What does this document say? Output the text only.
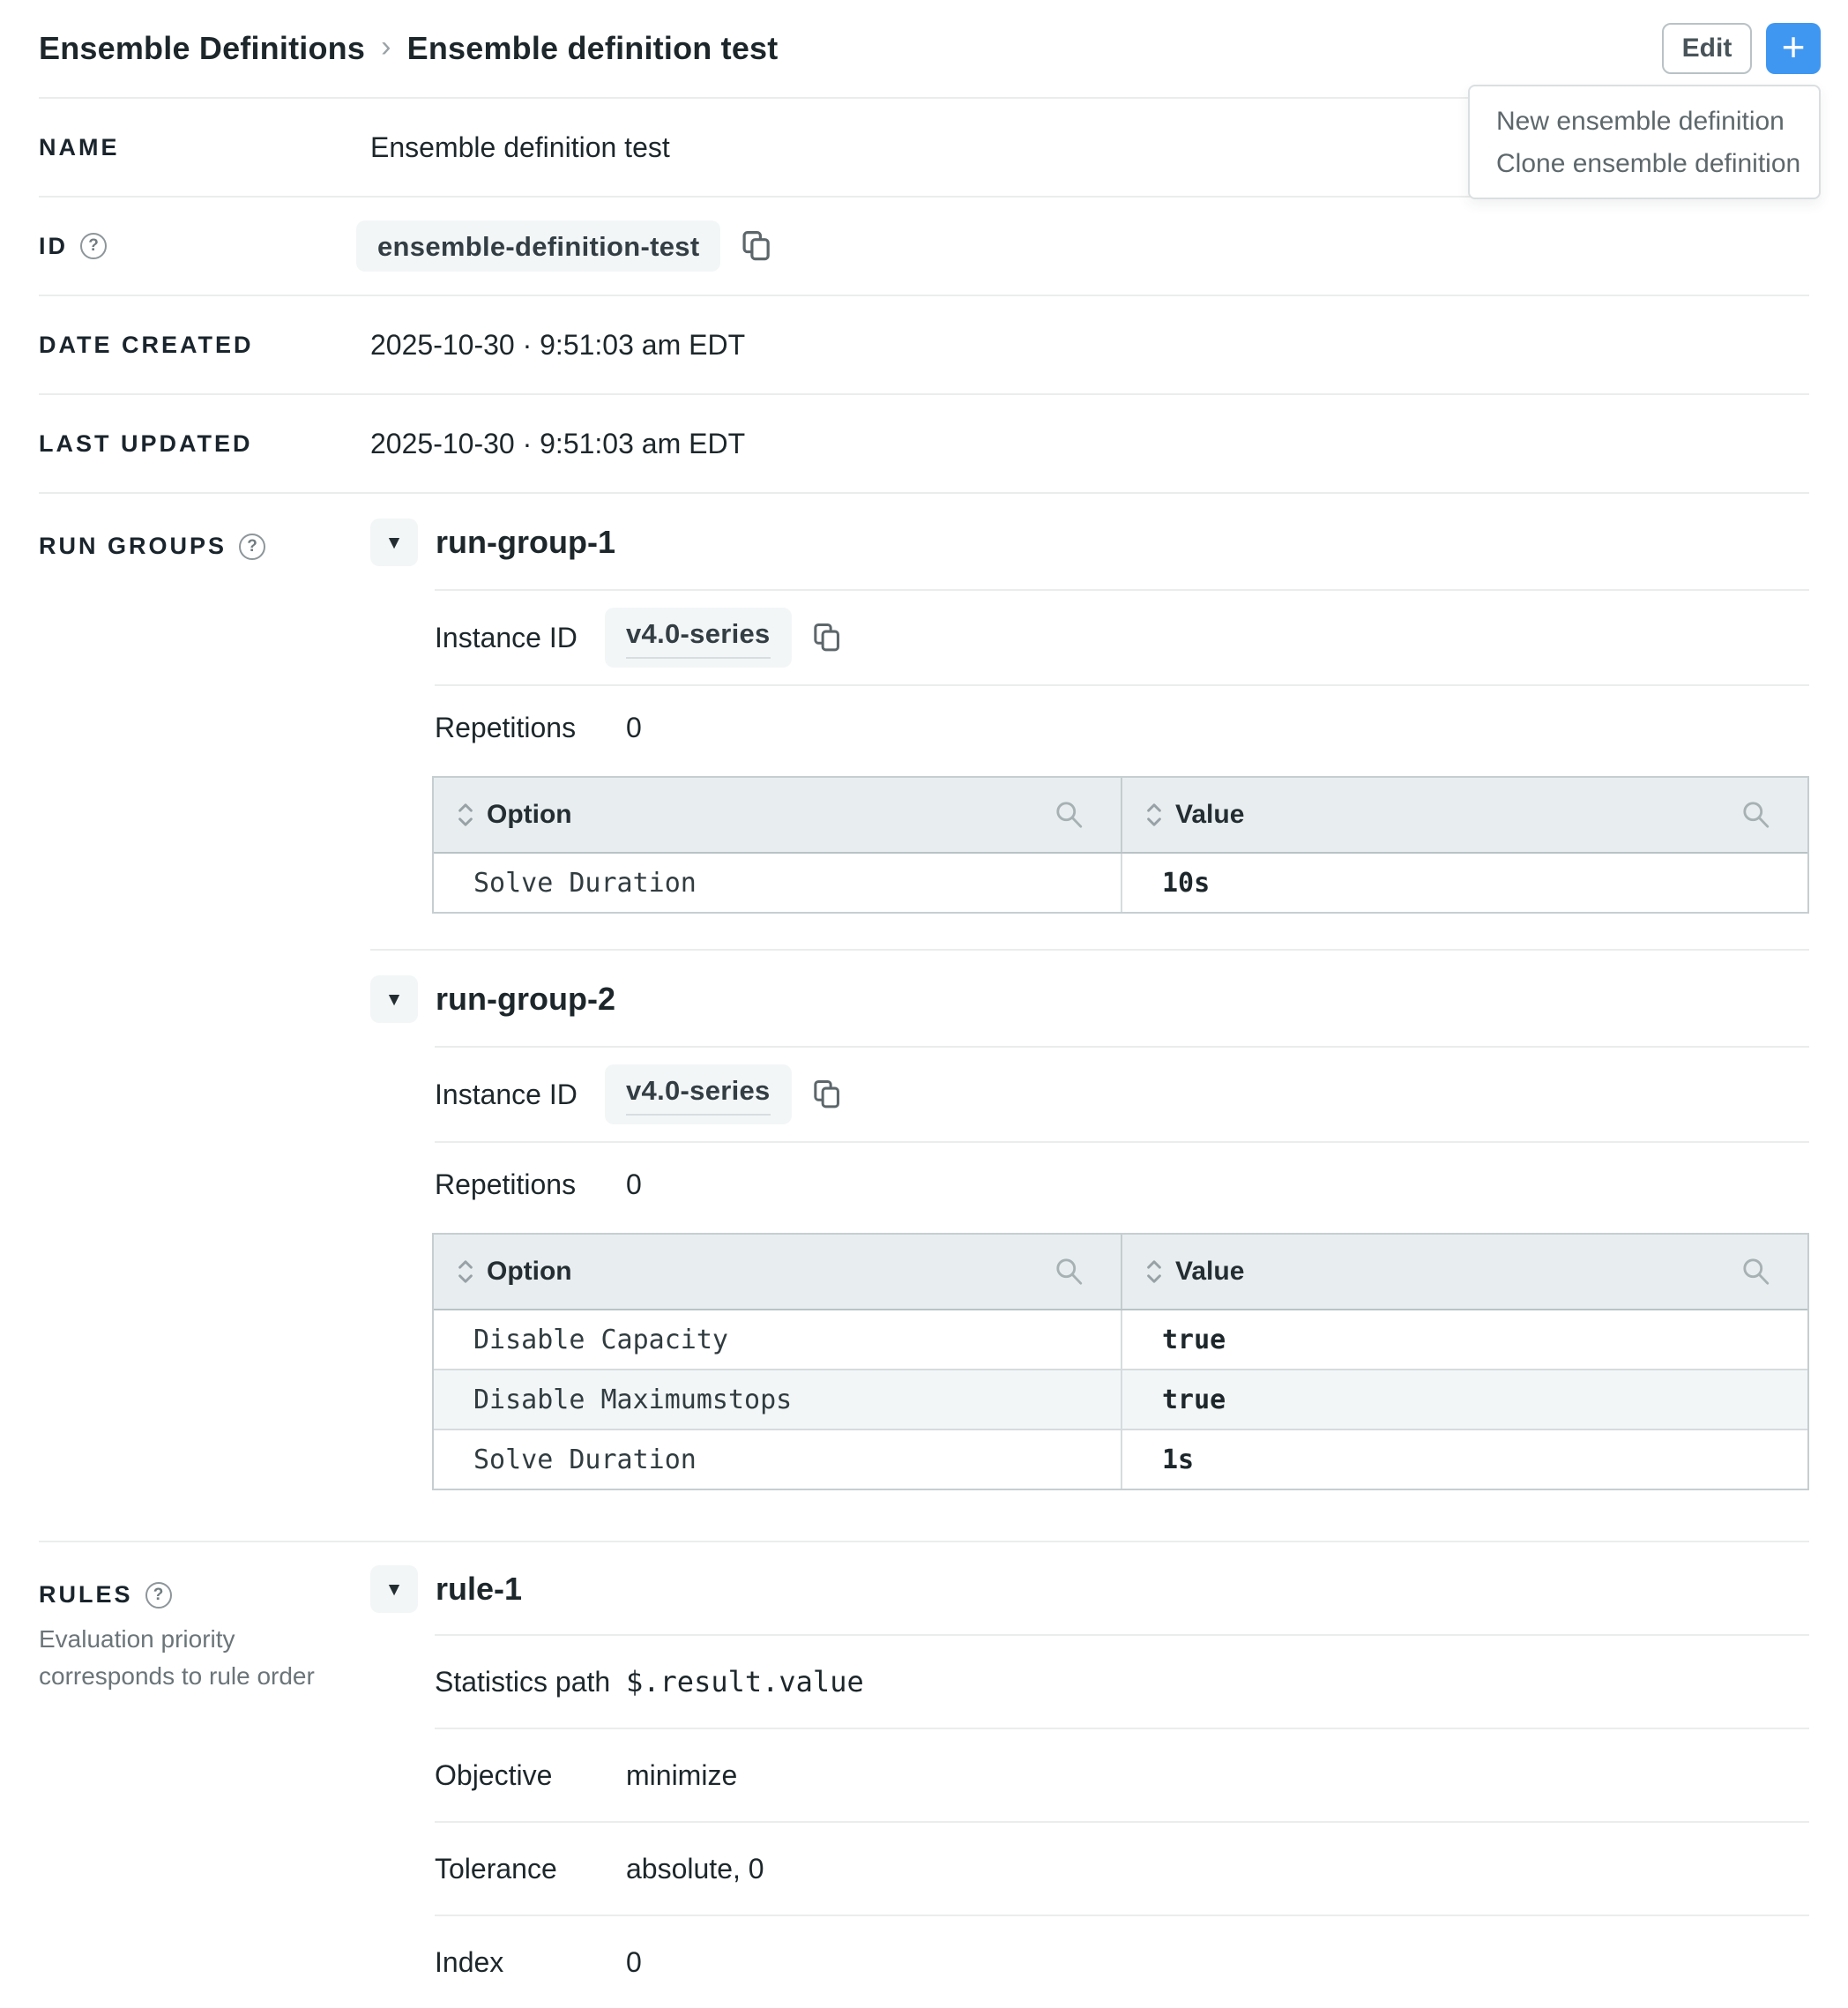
Ensemble Definitions › Ensemble definition test	Edit	+
New ensemble definition
Clone ensemble definition
NAME	Ensemble definition test
ID	?	ensemble-definition-test
DATE CREATED	2025-10-30 · 9:51:03 am EDT
LAST UPDATED	2025-10-30 · 9:51:03 am EDT
RUN GROUPS	?	▼ run-group-1
Instance ID	v4.0-series
Repetitions	0
Option	Value
Solve Duration	10s
▼ run-group-2
Instance ID	v4.0-series
Repetitions	0
Option	Value
Disable Capacity	true
Disable Maximumstops	true
Solve Duration	1s
RULES	?
Evaluation priority corresponds to rule order
▼ rule-1
Statistics path $.result.value
Objective	minimize
Tolerance	absolute, 0
Index	0
